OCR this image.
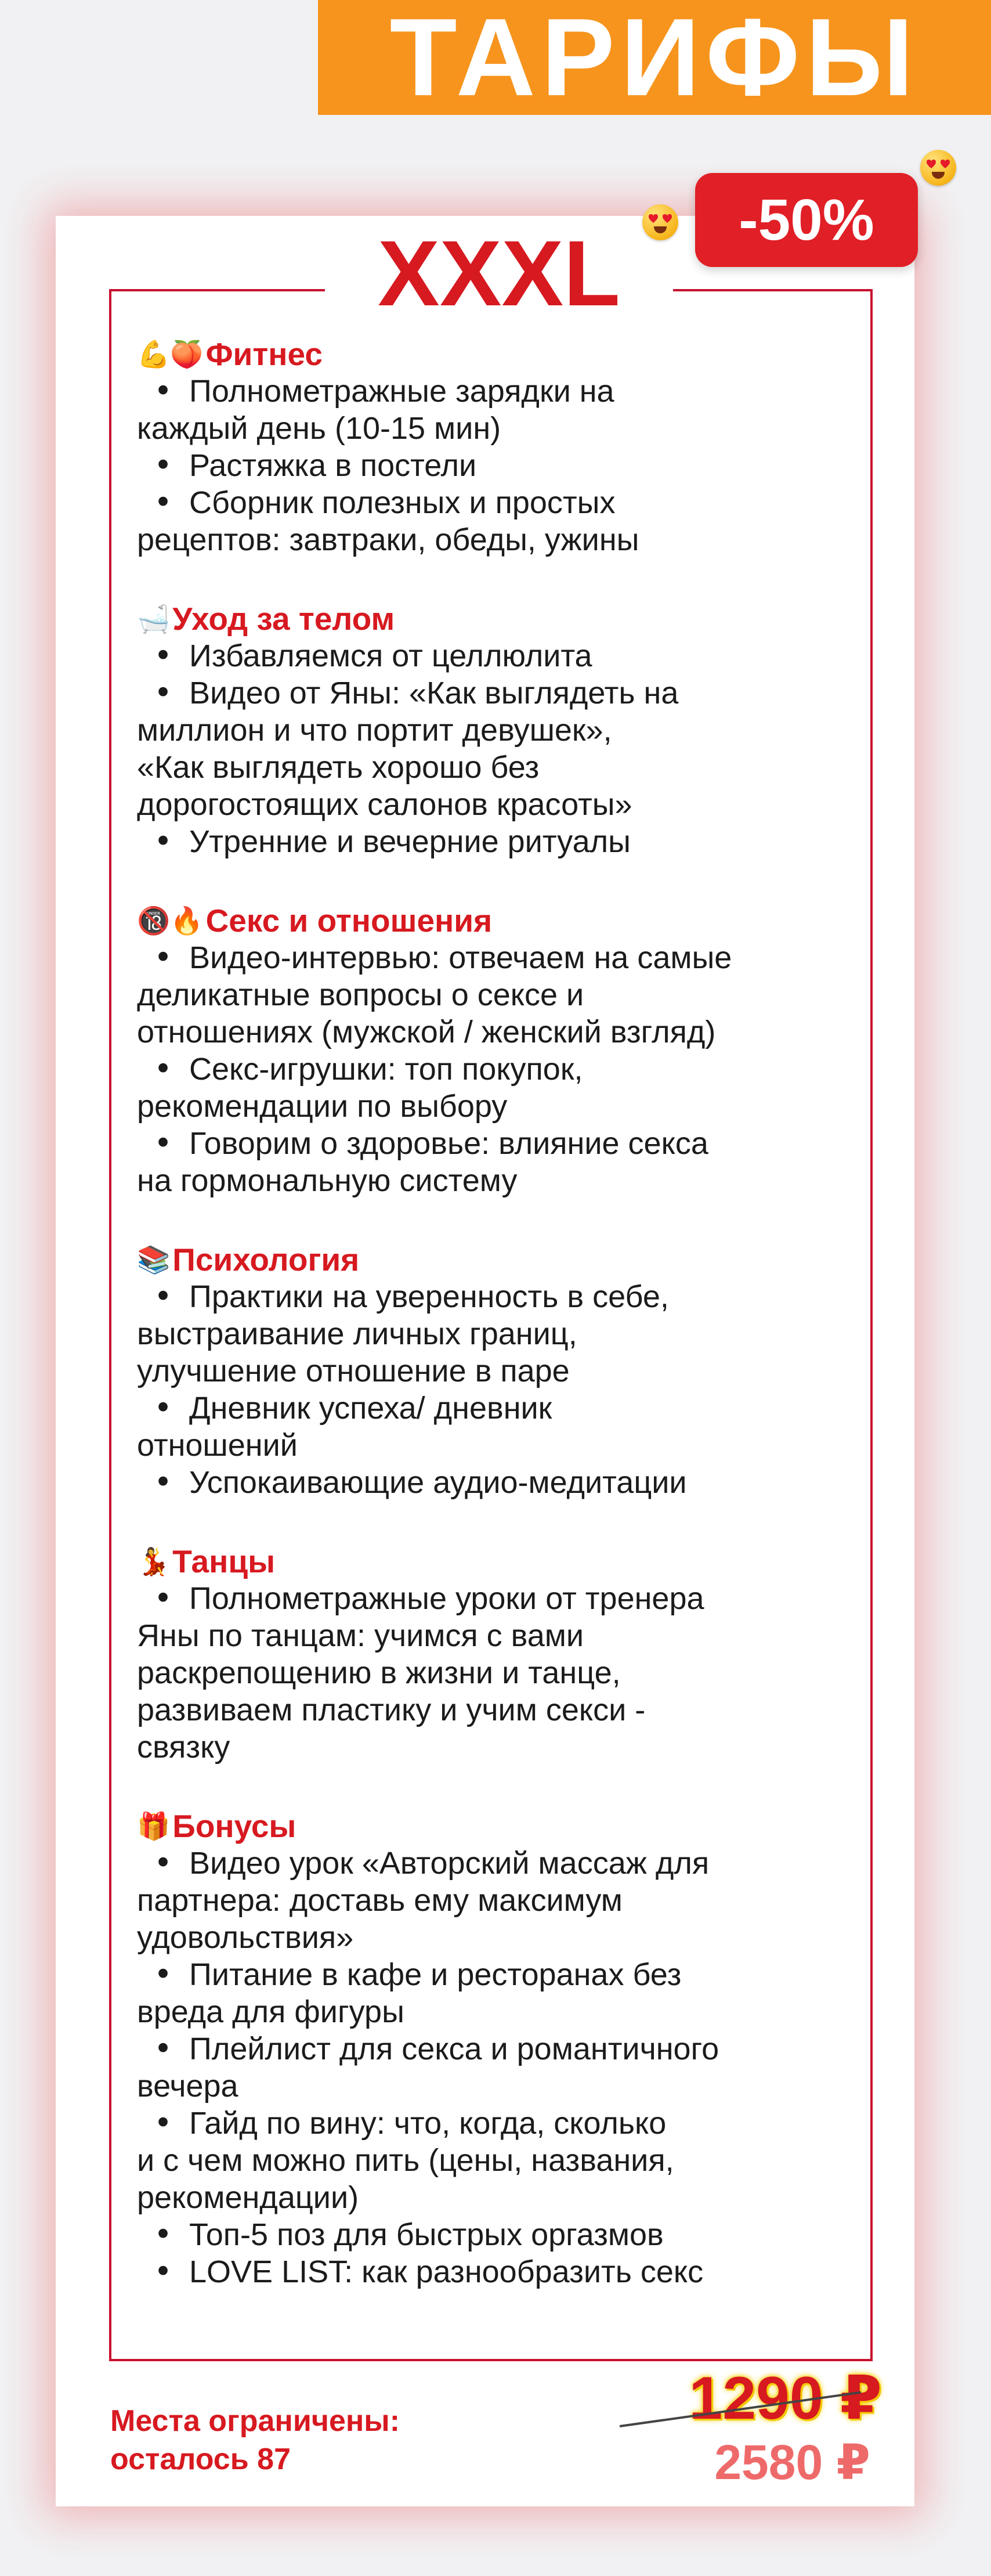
ТАРИФЫ
XXXL
-50%
💪🍑 Фитнес
• Полнометражные зарядки на
каждый день (10-15 мин)
• Растяжка в постели
• Сборник полезных и простых
рецептов: завтраки, обеды, ужины
🛁 Уход за телом
• Избавляемся от целлюлита
• Видео от Яны: «Как выглядеть на
миллион и что портит девушек»,
«Как выглядеть хорошо без
дорогостоящих салонов красоты»
• Утренние и вечерние ритуалы
🔞🔥 Секс и отношения
• Видео-интервью: отвечаем на самые
деликатные вопросы о сексе и
отношениях (мужской / женский взгляд)
• Секс-игрушки: топ покупок,
рекомендации по выбору
• Говорим о здоровье: влияние секса
на гормональную систему
📚 Психология
• Практики на уверенность в себе,
выстраивание личных границ,
улучшение отношение в паре
• Дневник успеха/ дневник
отношений
• Успокаивающие аудио-медитации
💃 Танцы
• Полнометражные уроки от тренера
Яны по танцам: учимся с вами
раскрепощению в жизни и танце,
развиваем пластику и учим секси -
связку
🎁 Бонусы
• Видео урок «Авторский массаж для
партнера: доставь ему максимум
удовольствия»
• Питание в кафе и ресторанах без
вреда для фигуры
• Плейлист для секса и романтичного
вечера
• Гайд по вину: что, когда, сколько
и с чем можно пить (цены, названия,
рекомендации)
• Топ-5 поз для быстрых оргазмов
• LOVE LIST: как разнообразить секс
Места ограничены:
осталось 87
1290 ₽
2580 ₽
